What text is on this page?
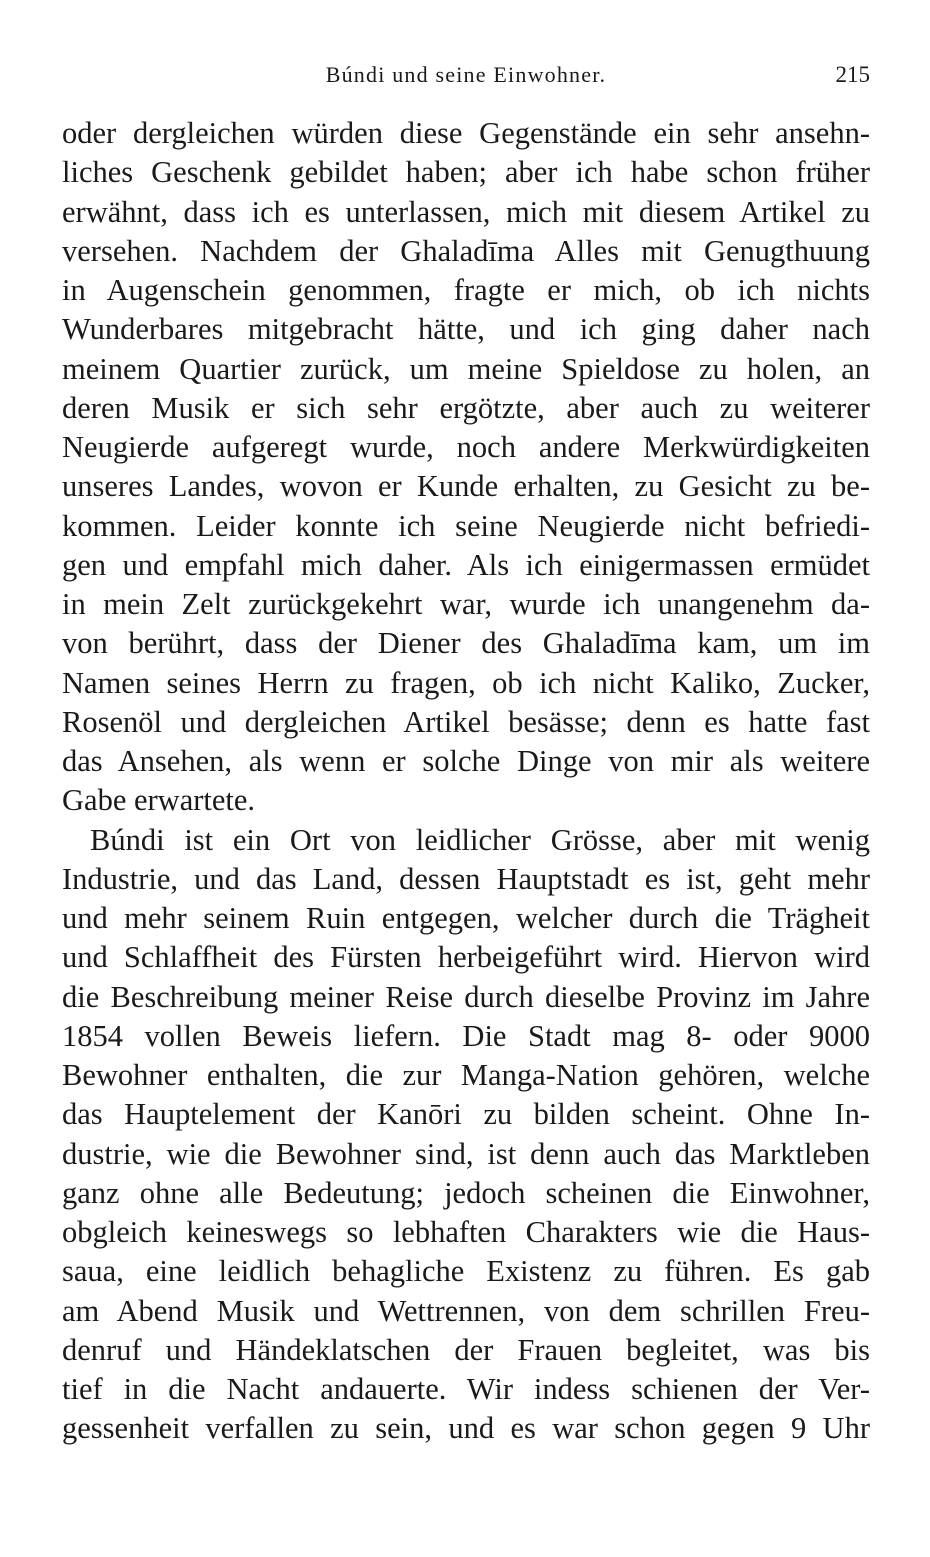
Búndi und seine Einwohner.	215
oder dergleichen würden diese Gegenstände ein sehr ansehn-
liches Geschenk gebildet haben; aber ich habe schon früher
erwähnt, dass ich es unterlassen, mich mit diesem Artikel zu
versehen. Nachdem der Ghaladīma Alles mit Genugthuung
in Augenschein genommen, fragte er mich, ob ich nichts
Wunderbares mitgebracht hätte, und ich ging daher nach
meinem Quartier zurück, um meine Spieldose zu holen, an
deren Musik er sich sehr ergötzte, aber auch zu weiterer
Neugierde aufgeregt wurde, noch andere Merkwürdigkeiten
unseres Landes, wovon er Kunde erhalten, zu Gesicht zu be-
kommen. Leider konnte ich seine Neugierde nicht befriedi-
gen und empfahl mich daher. Als ich einigermassen ermüdet
in mein Zelt zurückgekehrt war, wurde ich unangenehm da-
von berührt, dass der Diener des Ghaladīma kam, um im
Namen seines Herrn zu fragen, ob ich nicht Kaliko, Zucker,
Rosenöl und dergleichen Artikel besässe; denn es hatte fast
das Ansehen, als wenn er solche Dinge von mir als weitere
Gabe erwartete.
Búndi ist ein Ort von leidlicher Grösse, aber mit wenig
Industrie, und das Land, dessen Hauptstadt es ist, geht mehr
und mehr seinem Ruin entgegen, welcher durch die Trägheit
und Schlaffheit des Fürsten herbeigeführt wird. Hiervon wird
die Beschreibung meiner Reise durch dieselbe Provinz im Jahre
1854 vollen Beweis liefern. Die Stadt mag 8- oder 9000
Bewohner enthalten, die zur Manga-Nation gehören, welche
das Hauptelement der Kanōri zu bilden scheint. Ohne In-
dustrie, wie die Bewohner sind, ist denn auch das Marktleben
ganz ohne alle Bedeutung; jedoch scheinen die Einwohner,
obgleich keineswegs so lebhaften Charakters wie die Haus-
saua, eine leidlich behagliche Existenz zu führen. Es gab
am Abend Musik und Wettrennen, von dem schrillen Freu-
denruf und Händeklatschen der Frauen begleitet, was bis
tief in die Nacht andauerte. Wir indess schienen der Ver-
gessenheit verfallen zu sein, und es war schon gegen 9 Uhr
